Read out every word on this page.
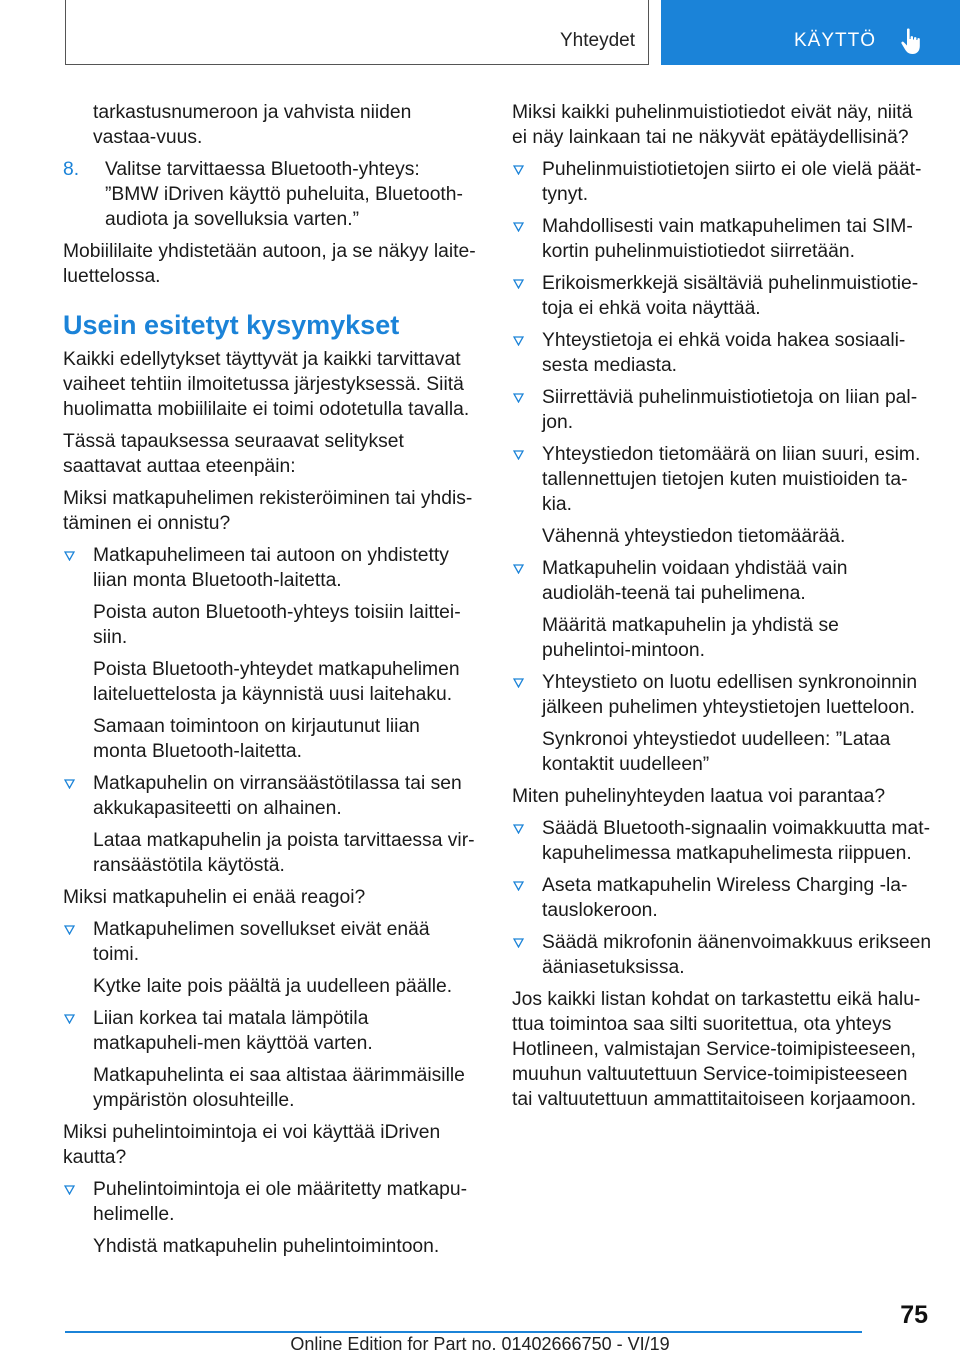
Yhteydet	KÄYTTÖ
tarkastusnumeroon ja vahvista niiden vastaa-vuus.
8. Valitse tarvittaessa Bluetooth-yhteys: ”BMW iDriven käyttö puheluita, Bluetooth-audiota ja sovelluksia varten.”
Mobiililaite yhdistetään autoon, ja se näkyy laite-luettelossa.
Usein esitetyt kysymykset
Kaikki edellytykset täyttyvät ja kaikki tarvittavat vaiheet tehtiin ilmoitetussa järjestyksessä. Siitä huolimatta mobiililaite ei toimi odotetulla tavalla.
Tässä tapauksessa seuraavat selitykset saattavat auttaa eteenpäin:
Miksi matkapuhelimen rekisteröiminen tai yhdis-täminen ei onnistu?
Matkapuhelimeen tai autoon on yhdistetty liian monta Bluetooth-laitetta.
Poista auton Bluetooth-yhteys toisiin laittei-siin.
Poista Bluetooth-yhteydet matkapuhelimen laiteluettelosta ja käynnistä uusi laitehaku.
Samaan toimintoon on kirjautunut liian monta Bluetooth-laitetta.
Matkapuhelin on virransäästötilassa tai sen akkukapasiteetti on alhainen.
Lataa matkapuhelin ja poista tarvittaessa vir-ransäästötila käytöstä.
Miksi matkapuhelin ei enää reagoi?
Matkapuhelimen sovellukset eivät enää toimi.
Kytke laite pois päältä ja uudelleen päälle.
Liian korkea tai matala lämpötila matkapuheli-men käyttöä varten.
Matkapuhelinta ei saa altistaa äärimmäisille ympäristön olosuhteille.
Miksi puhelintoimintoja ei voi käyttää iDriven kautta?
Puhelintoimintoja ei ole määritetty matkapu-helimelle.
Yhdistä matkapuhelin puhelintoimintoon.
Miksi kaikki puhelinmuistiotiedot eivät näy, niitä ei näy lainkaan tai ne näkyvät epätäydellisinä?
Puhelinmuistiotietojen siirto ei ole vielä päät-tynyt.
Mahdollisesti vain matkapuhelimen tai SIM-kortin puhelinmuistiotiedot siirretään.
Erikoismerkkejä sisältäviä puhelinmuistiotie-toja ei ehkä voita näyttää.
Yhteystietoja ei ehkä voida hakea sosiaali-sesta mediasta.
Siirrettäviä puhelinmuistiotietoja on liian pal-jon.
Yhteystiedon tietomäärä on liian suuri, esim. tallennettujen tietojen kuten muistioiden ta-kia.
Vähennä yhteystiedon tietomäärää.
Matkapuhelin voidaan yhdistää vain audioläh-teenä tai puhelimena.
Määritä matkapuhelin ja yhdistä se puhelintoi-mintoon.
Yhteystieto on luotu edellisen synkronoinnin jälkeen puhelimen yhteystietojen luetteloon.
Synkronoi yhteystiedot uudelleen: ”Lataa kontaktit uudelleen”
Miten puhelinyhteyden laatua voi parantaa?
Säädä Bluetooth-signaalin voimakkuutta mat-kapuhelimessa matkapuhelimesta riippuen.
Aseta matkapuhelin Wireless Charging -la-tauslokeroon.
Säädä mikrofonin äänenvoimakkuus erikseen ääniasetuksissa.
Jos kaikki listan kohdat on tarkastettu eikä halu-ttua toimintoa saa silti suoritettua, ota yhteys Hotlineen, valmistajan Service-toimipisteeseen, muuhun valtuutettuun Service-toimipisteeseen tai valtuutettuun ammattitaitoiseen korjaamoon.
75
Online Edition for Part no. 01402666750 - VI/19
